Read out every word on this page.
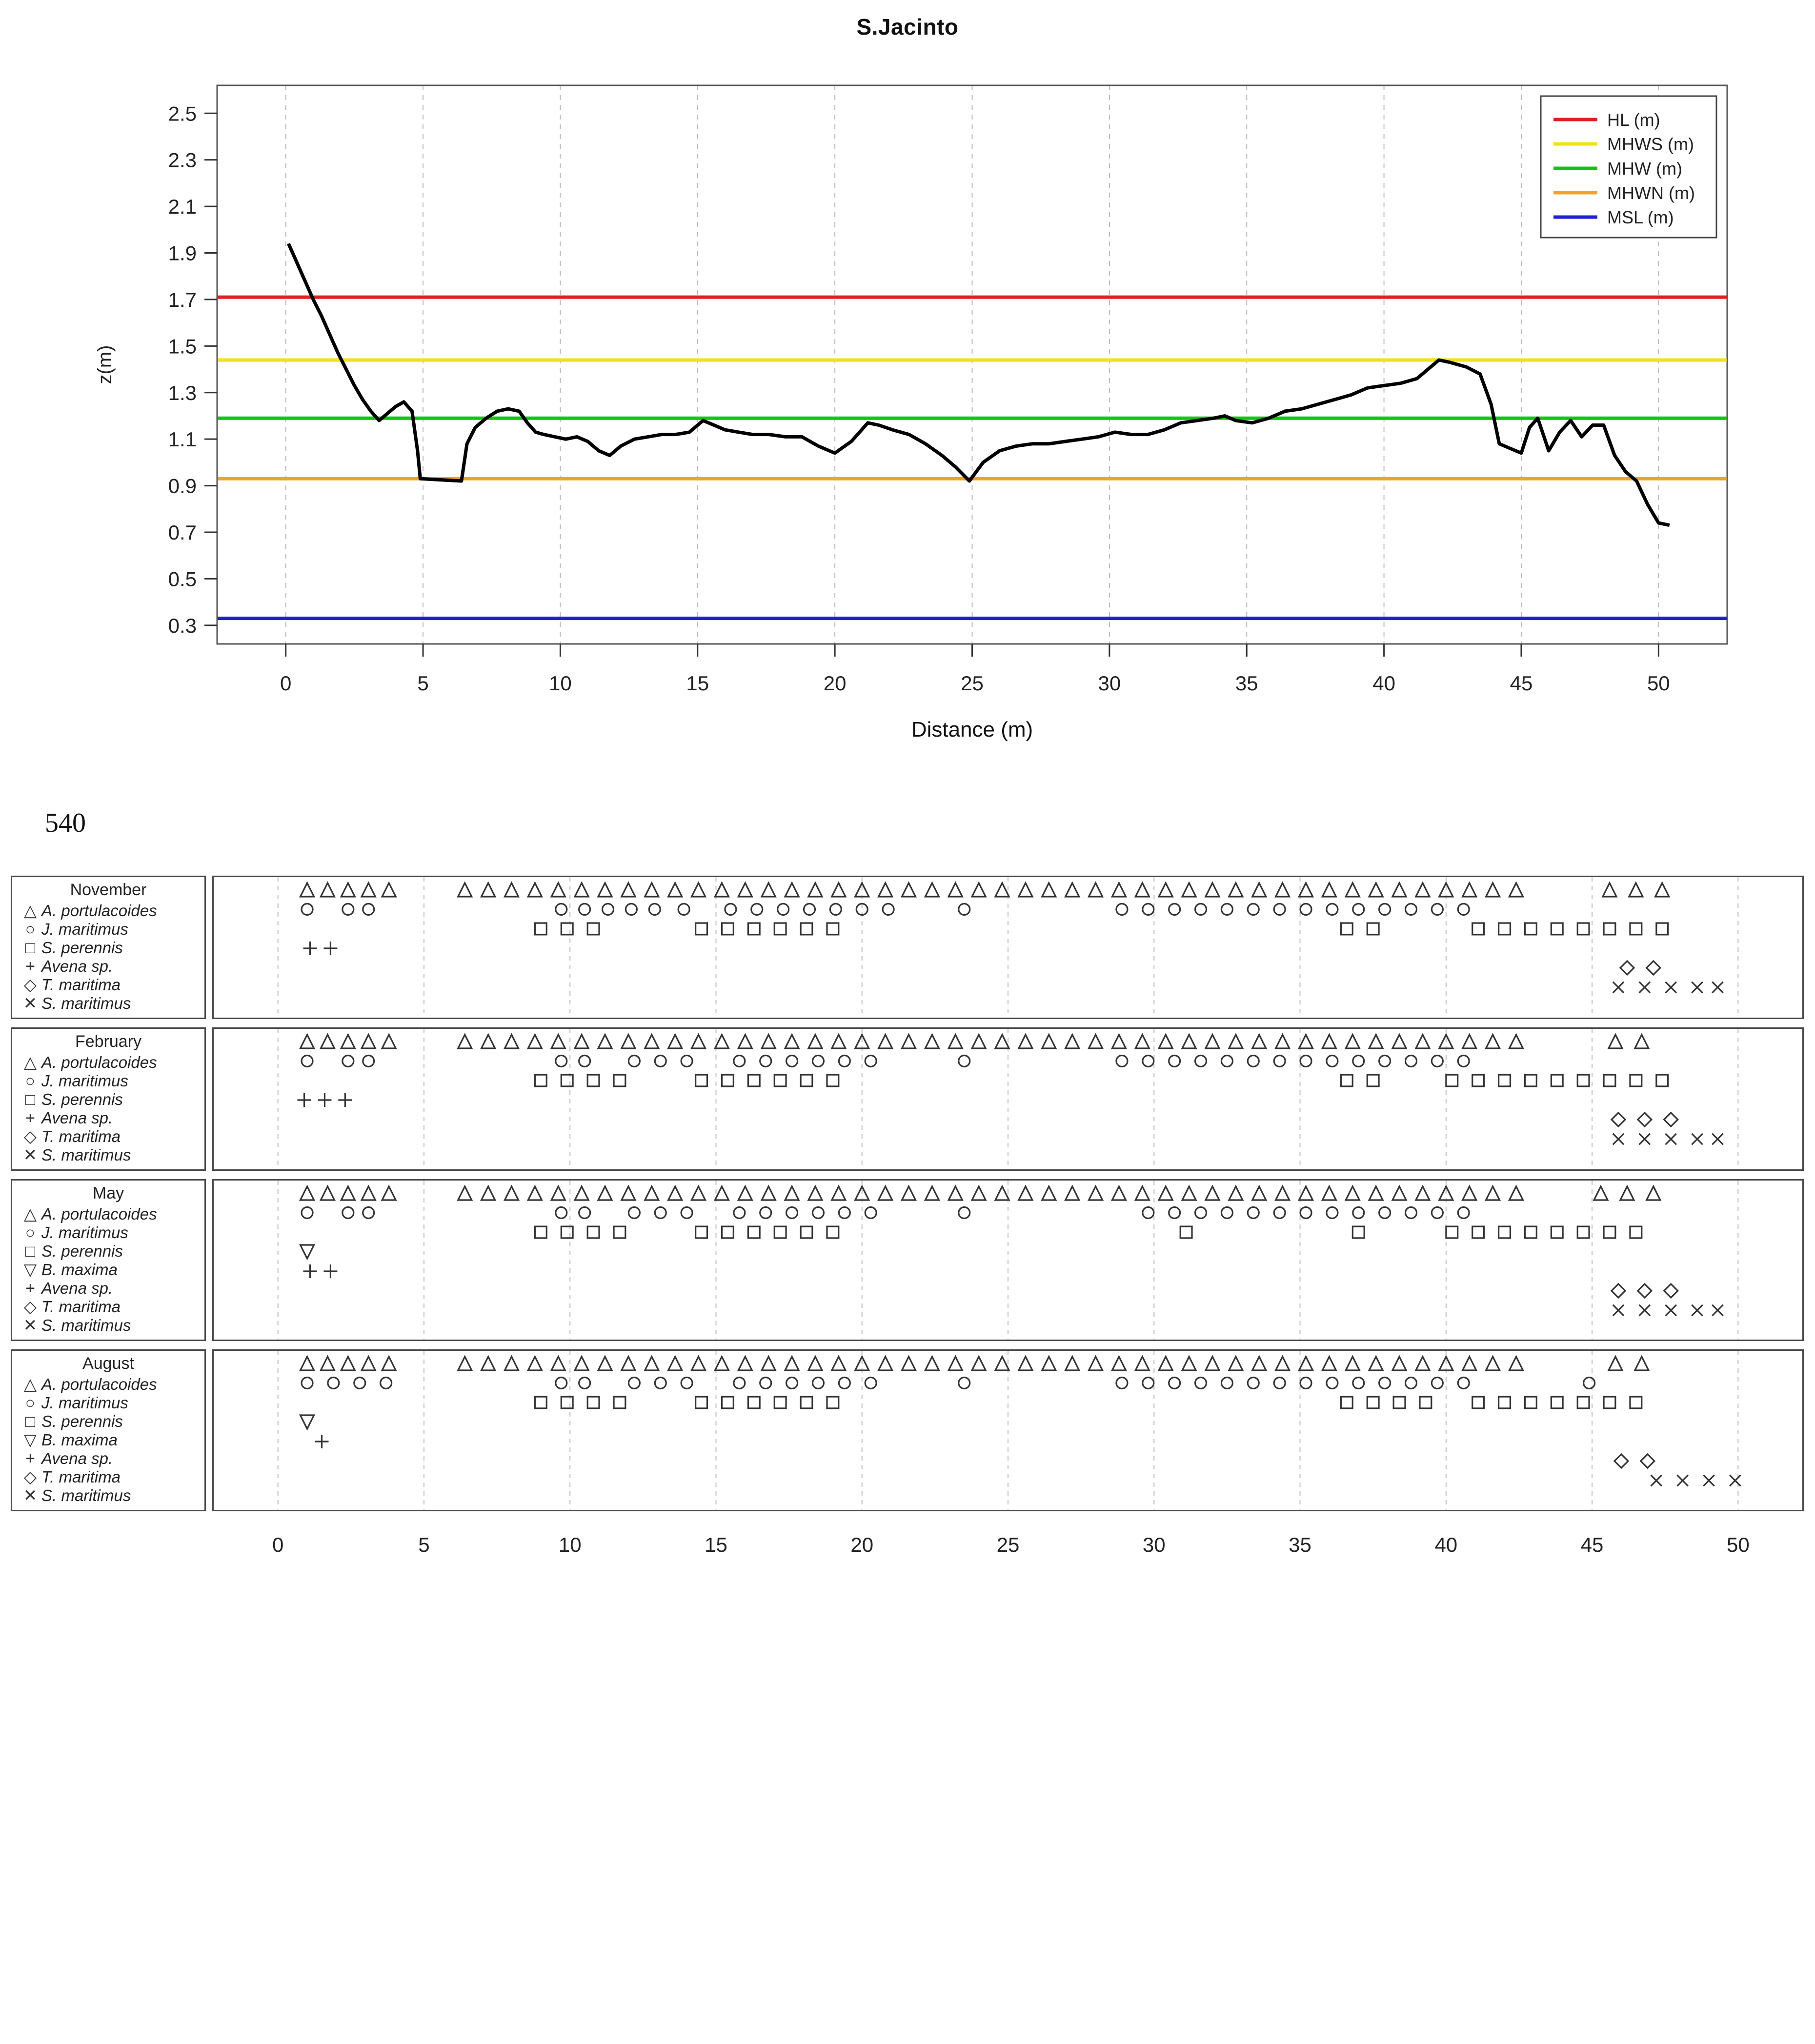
S.Jacinto
0.3
0.5
0.7
0.9
1.1
1.3
1.5
1.7
1.9
2.1
2.3
2.5
z(m)
0	5	10	15	20	25	30	35	40	45	50
Distance (m)
HL (m)
MHWS (m)
MHW (m)
MHWN (m)
MSL (m)
540
November
△ A. portulacoides
○ J. maritimus
□ S. perennis
+ Avena sp.
◇ T. maritima
✕ S. maritimus
February
△ A. portulacoides
○ J. maritimus
□ S. perennis
+ Avena sp.
◇ T. maritima
✕ S. maritimus
May
△ A. portulacoides
○ J. maritimus
□ S. perennis
▽ B. maxima
+ Avena sp.
◇ T. maritima
✕ S. maritimus
August
△ A. portulacoides
○ J. maritimus
□ S. perennis
▽ B. maxima
+ Avena sp.
◇ T. maritima
✕ S. maritimus
0	5	10	15	20	25	30	35	40	45	50
